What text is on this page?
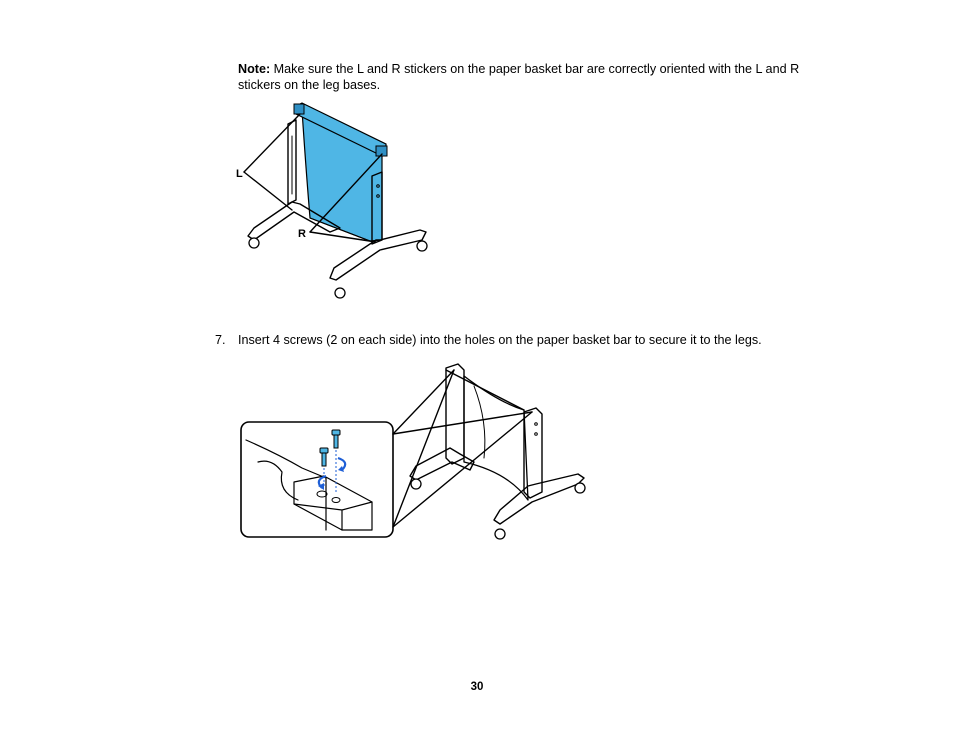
Note: Make sure the L and R stickers on the paper basket bar are correctly oriented with the L and R stickers on the leg bases.
L
R
7. Insert 4 screws (2 on each side) into the holes on the paper basket bar to secure it to the legs.
30
